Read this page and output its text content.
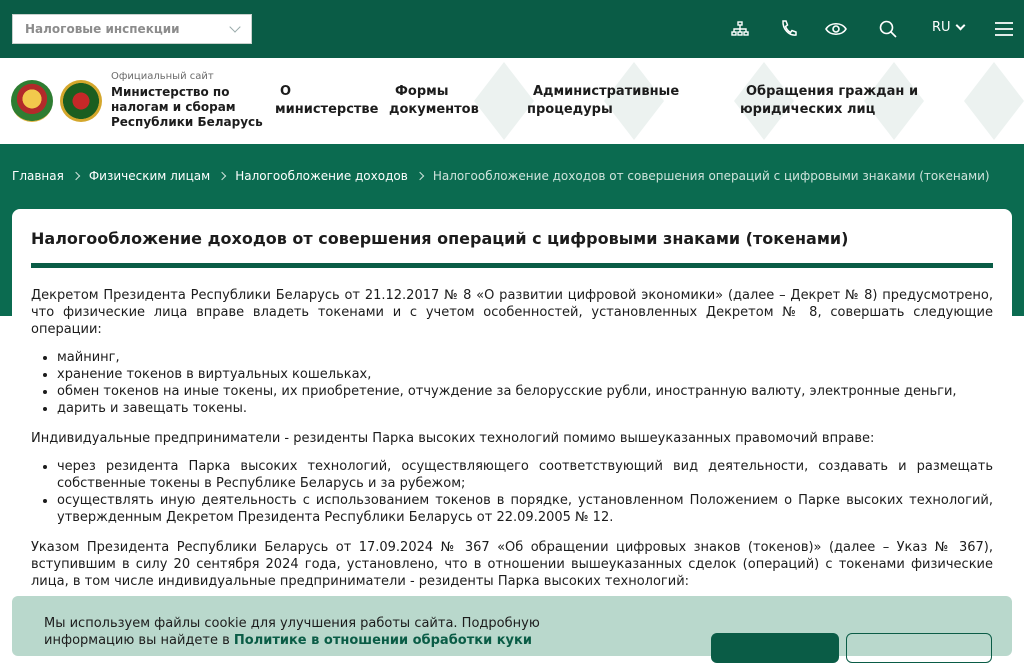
Налоговые инспекции	RU
Официальный сайт
Министерство по
налогам и сборам
Республики Беларусь
О
министерстве
Формы
документов
Административные
процедуры
Обращения граждан и
юридических лиц
Главная Физическим лицам Налогообложение доходов Налогообложение доходов от совершения операций с цифровыми знаками (токенами)
Налогообложение доходов от совершения операций с цифровыми знаками (токенами)

Декретом Президента Республики Беларусь от 21.12.2017 № 8 «О развитии цифровой экономики» (далее – Декрет № 8) предусмотрено, что физические лица вправе владеть токенами и с учетом особенностей, установленных Декретом № 8, совершать следующие операции:

• майнинг,
• хранение токенов в виртуальных кошельках,
• обмен токенов на иные токены, их приобретение, отчуждение за белорусские рубли, иностранную валюту, электронные деньги,
• дарить и завещать токены.

Индивидуальные предприниматели - резиденты Парка высоких технологий помимо вышеуказанных правомочий вправе:

• через резидента Парка высоких технологий, осуществляющего соответствующий вид деятельности, создавать и размещать собственные токены в Республике Беларусь и за рубежом;
• осуществлять иную деятельность с использованием токенов в порядке, установленном Положением о Парке высоких технологий, утвержденным Декретом Президента Республики Беларусь от 22.09.2005 № 12.

Указом Президента Республики Беларусь от 17.09.2024 № 367 «Об обращении цифровых знаков (токенов)» (далее – Указ № 367), вступившим в силу 20 сентября 2024 года, установлено, что в отношении вышеуказанных сделок (операций) с токенами физические лица, в том числе индивидуальные предприниматели - резиденты Парка высоких технологий:

Мы используем файлы cookie для улучшения работы сайта. Подробную
информацию вы найдете в Политике в отношении обработки куки
